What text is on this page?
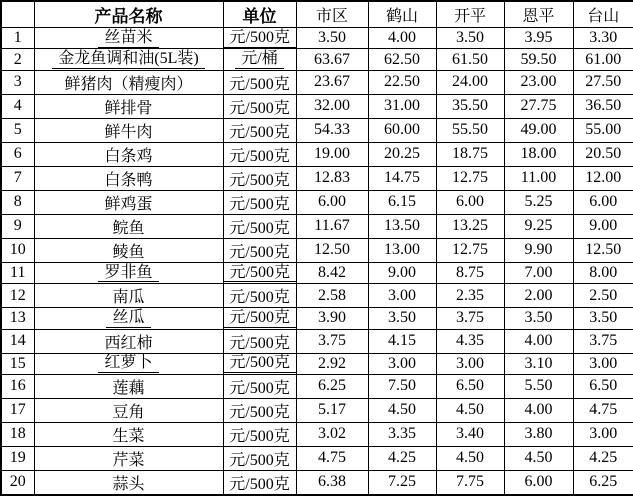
	产品名称	单位	市区	鹤山	开平	恩平	台山
1	丝苗米	元/500克	3.50	4.00	3.50	3.95	3.30
2	金龙鱼调和油(5L装)	元/桶	63.67	62.50	61.50	59.50	61.00
3	鲜猪肉（精瘦肉）	元/500克	23.67	22.50	24.00	23.00	27.50
4	鲜排骨	元/500克	32.00	31.00	35.50	27.75	36.50
5	鲜牛肉	元/500克	54.33	60.00	55.50	49.00	55.00
6	白条鸡	元/500克	19.00	20.25	18.75	18.00	20.50
7	白条鸭	元/500克	12.83	14.75	12.75	11.00	12.00
8	鲜鸡蛋	元/500克	6.00	6.15	6.00	5.25	6.00
9	鲩鱼	元/500克	11.67	13.50	13.25	9.25	9.00
10	鲮鱼	元/500克	12.50	13.00	12.75	9.90	12.50
11	罗非鱼	元/500克	8.42	9.00	8.75	7.00	8.00
12	南瓜	元/500克	2.58	3.00	2.35	2.00	2.50
13	丝瓜	元/500克	3.90	3.50	3.75	3.50	3.50
14	西红柿	元/500克	3.75	4.15	4.35	4.00	3.75
15	红萝卜	元/500克	2.92	3.00	3.00	3.10	3.00
16	莲藕	元/500克	6.25	7.50	6.50	5.50	6.50
17	豆角	元/500克	5.17	4.50	4.50	4.00	4.75
18	生菜	元/500克	3.02	3.35	3.40	3.80	3.00
19	芹菜	元/500克	4.75	4.25	4.50	4.50	4.25
20	蒜头	元/500克	6.38	7.25	7.75	6.00	6.25
